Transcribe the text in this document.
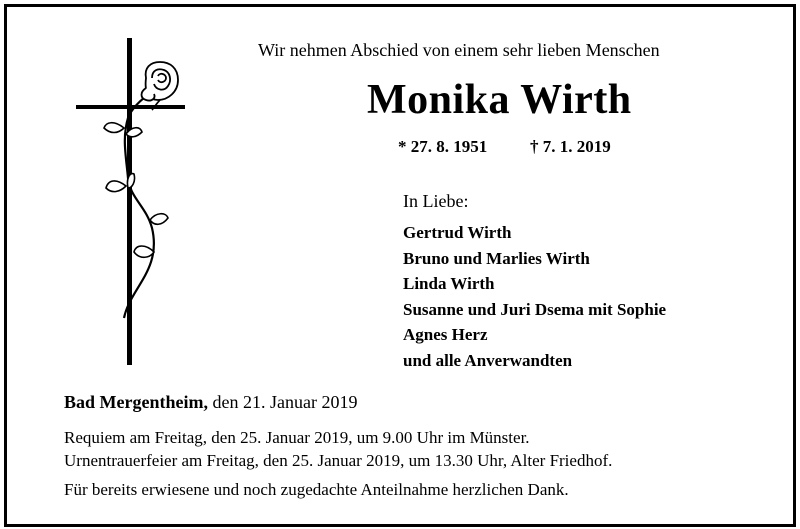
Wir nehmen Abschied von einem sehr lieben Menschen
Monika Wirth
* 27. 8. 1951	† 7. 1. 2019
In Liebe:
Gertrud Wirth
Bruno und Marlies Wirth
Linda Wirth
Susanne und Juri Dsema mit Sophie
Agnes Herz
und alle Anverwandten
Bad Mergentheim, den 21. Januar 2019
Requiem am Freitag, den 25. Januar 2019, um 9.00 Uhr im Münster.
Urnentrauerfeier am Freitag, den 25. Januar 2019, um 13.30 Uhr, Alter Friedhof.
Für bereits erwiesene und noch zugedachte Anteilnahme herzlichen Dank.
